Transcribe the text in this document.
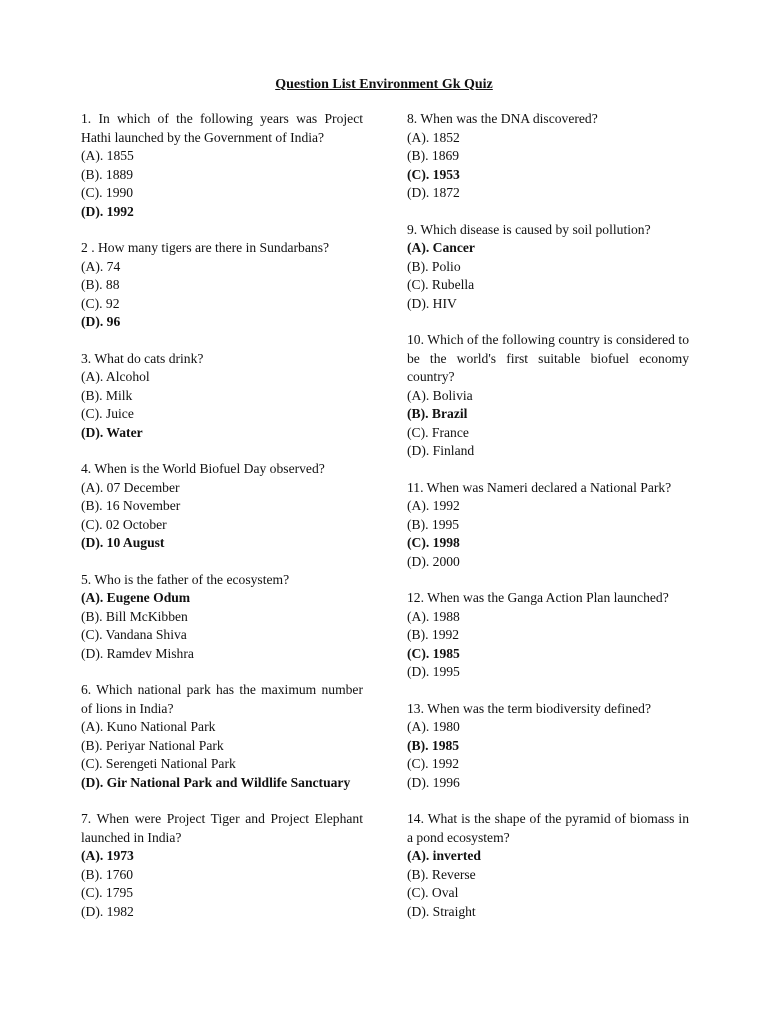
Question List Environment Gk Quiz
1. In which of the following years was Project Hathi launched by the Government of India?
(A). 1855
(B). 1889
(C). 1990
(D). 1992
2 . How many tigers are there in Sundarbans?
(A). 74
(B). 88
(C). 92
(D). 96
3. What do cats drink?
(A). Alcohol
(B). Milk
(C). Juice
(D). Water
4. When is the World Biofuel Day observed?
(A). 07 December
(B). 16 November
(C). 02 October
(D). 10 August
5. Who is the father of the ecosystem?
(A). Eugene Odum
(B). Bill McKibben
(C). Vandana Shiva
(D). Ramdev Mishra
6. Which national park has the maximum number of lions in India?
(A). Kuno National Park
(B). Periyar National Park
(C). Serengeti National Park
(D). Gir National Park and Wildlife Sanctuary
7. When were Project Tiger and Project Elephant launched in India?
(A). 1973
(B). 1760
(C). 1795
(D). 1982
8. When was the DNA discovered?
(A). 1852
(B). 1869
(C). 1953
(D). 1872
9. Which disease is caused by soil pollution?
(A). Cancer
(B). Polio
(C). Rubella
(D). HIV
10. Which of the following country is considered to be the world's first suitable biofuel economy country?
(A). Bolivia
(B). Brazil
(C). France
(D). Finland
11. When was Nameri declared a National Park?
(A). 1992
(B). 1995
(C). 1998
(D). 2000
12. When was the Ganga Action Plan launched?
(A). 1988
(B). 1992
(C). 1985
(D). 1995
13. When was the term biodiversity defined?
(A). 1980
(B). 1985
(C). 1992
(D). 1996
14. What is the shape of the pyramid of biomass in a pond ecosystem?
(A). inverted
(B). Reverse
(C). Oval
(D). Straight
